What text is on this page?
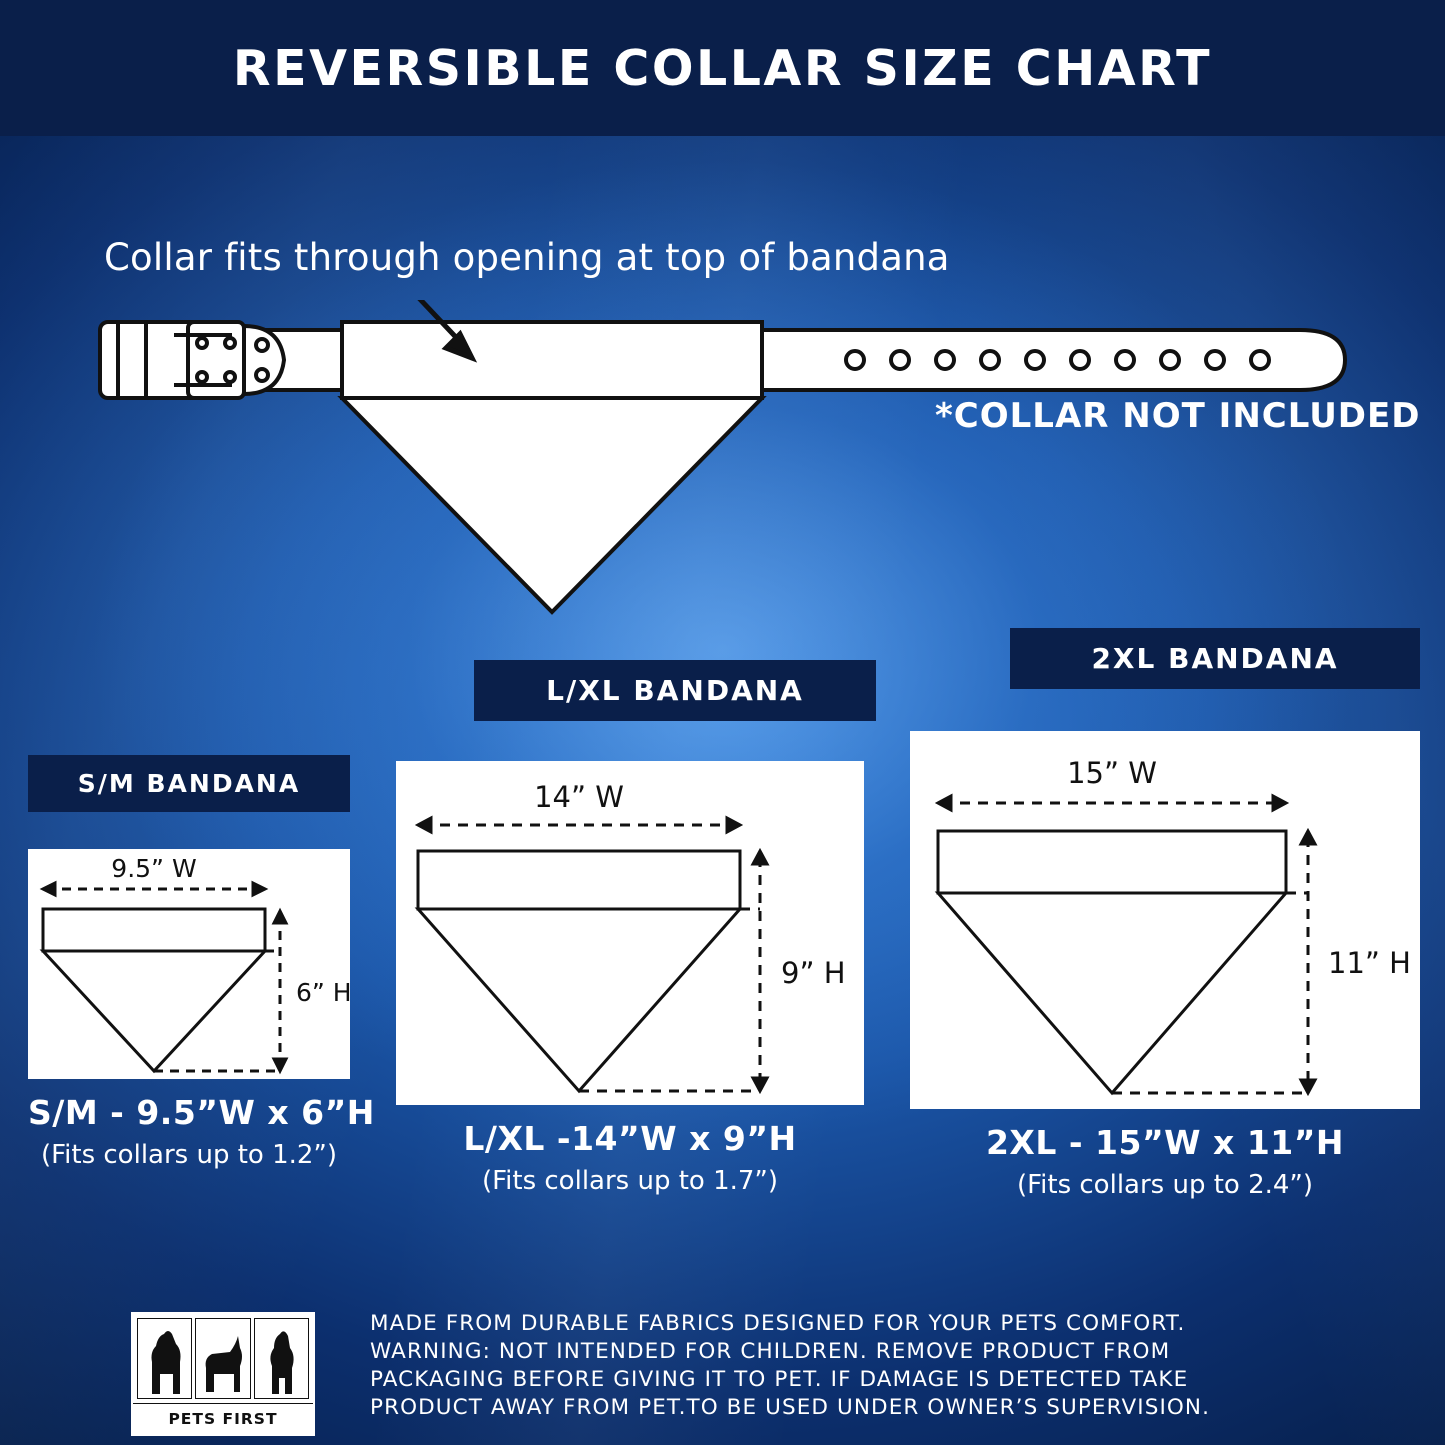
REVERSIBLE COLLAR SIZE CHART
Collar fits through opening at top of bandana
*COLLAR NOT INCLUDED
S/M BANDANA
9.5” W
6” H
S/M - 9.5”W x 6”H
(Fits collars up to 1.2”)
L/XL BANDANA
14” W
9” H
L/XL -14”W x 9”H
(Fits collars up to 1.7”)
2XL BANDANA
15” W
11” H
2XL - 15”W x 11”H
(Fits collars up to 2.4”)
PETS FIRST
MADE FROM DURABLE FABRICS DESIGNED FOR YOUR PETS COMFORT.
WARNING: NOT INTENDED FOR CHILDREN. REMOVE PRODUCT FROM
PACKAGING BEFORE GIVING IT TO PET. IF DAMAGE IS DETECTED TAKE
PRODUCT AWAY FROM PET.TO BE USED UNDER OWNER’S SUPERVISION.
